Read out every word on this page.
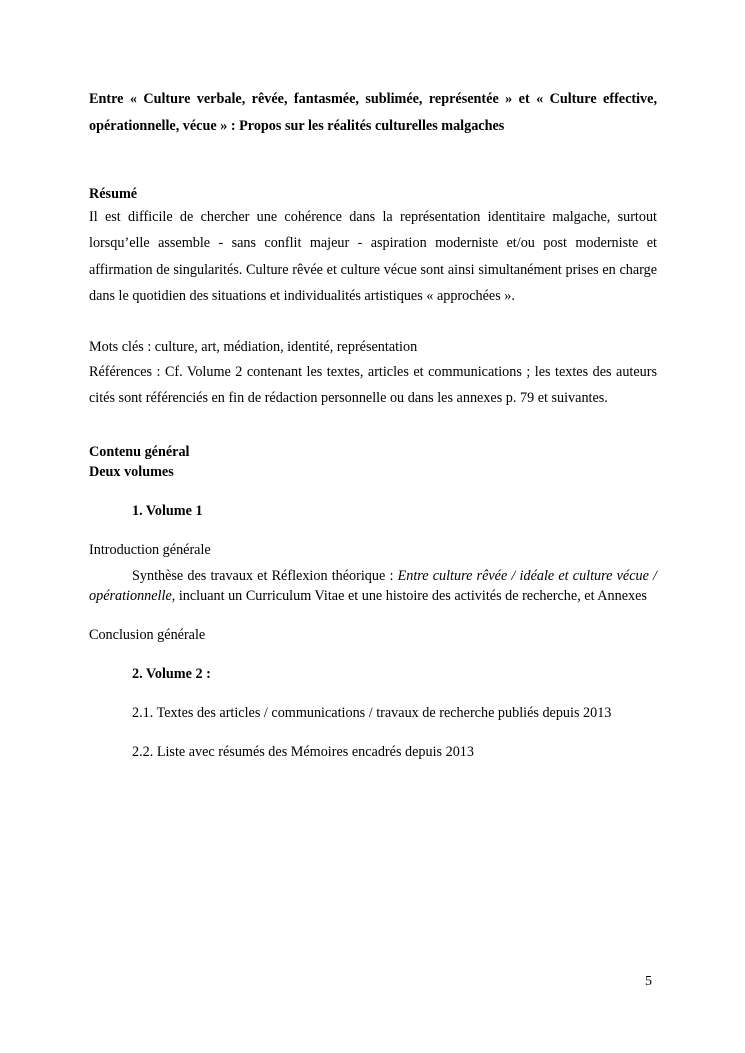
Entre « Culture verbale, rêvée, fantasmée, sublimée, représentée » et « Culture effective, opérationnelle, vécue » : Propos sur les réalités culturelles malgaches

Résumé

Il est difficile de chercher une cohérence dans la représentation identitaire malgache, surtout lorsqu’elle assemble - sans conflit majeur - aspiration moderniste et/ou post moderniste et affirmation de singularités. Culture rêvée et culture vécue sont ainsi simultanément prises en charge dans le quotidien des situations et individualités artistiques « approchées ».

Mots clés : culture, art, médiation, identité, représentation

Références : Cf. Volume 2 contenant les textes, articles et communications ; les textes des auteurs cités sont référenciés en fin de rédaction personnelle ou dans les annexes p. 79 et suivantes.

Contenu général

Deux volumes

1. Volume 1

Introduction générale

Synthèse des travaux et Réflexion théorique : Entre culture rêvée / idéale et culture vécue / opérationnelle, incluant un Curriculum Vitae et une histoire des activités de recherche, et Annexes

Conclusion générale

2. Volume 2 :

2.1. Textes des articles / communications / travaux de recherche publiés depuis 2013

2.2. Liste avec résumés des Mémoires encadrés depuis 2013

5
